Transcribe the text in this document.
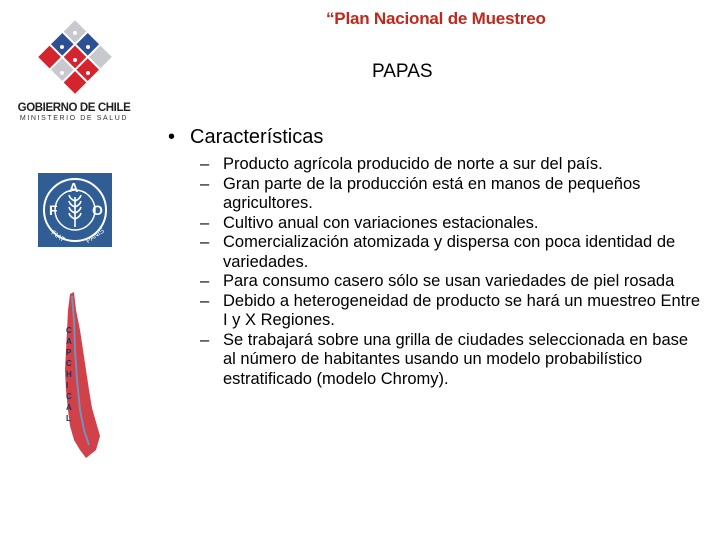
“Plan Nacional de Muestreo
PAPAS
GOBIERNO DE CHILE
MINISTERIO DE SALUD
F
A
O
FIAT	PANIS
C
A
P
C
H
I
C
A
L
• Características
– Producto agrícola producido de norte a sur del país.
– Gran parte de la producción está en manos de pequeños agricultores.
– Cultivo anual con variaciones estacionales.
– Comercialización atomizada y dispersa con poca identidad de variedades.
– Para consumo casero sólo se usan variedades de piel rosada
– Debido a heterogeneidad de producto se hará un muestreo Entre I y X Regiones.
– Se trabajará sobre una grilla de ciudades seleccionada en base al número de habitantes usando un modelo probabilístico estratificado (modelo Chromy).
